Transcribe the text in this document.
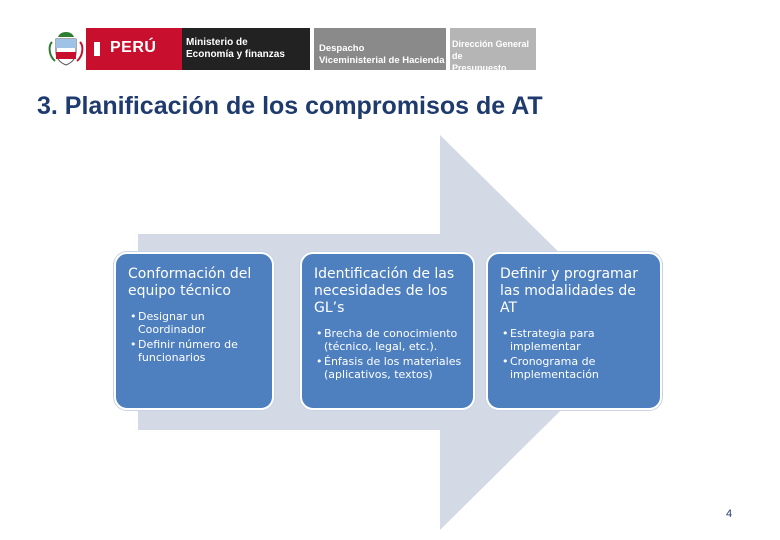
PERÚ	Ministerio de
Economía y finanzas
Despacho
Viceministerial de Hacienda
Dirección General de
Presupuesto Público
3. Planificación de los compromisos de AT
Conformación del equipo técnico
• Designar un Coordinador
• Definir número de funcionarios
Identificación de las necesidades de los GL’s
• Brecha de conocimiento (técnico, legal, etc.).
• Énfasis de los materiales (aplicativos, textos)
Definir y programar las modalidades de AT
• Estrategia para implementar
• Cronograma de implementación
4
